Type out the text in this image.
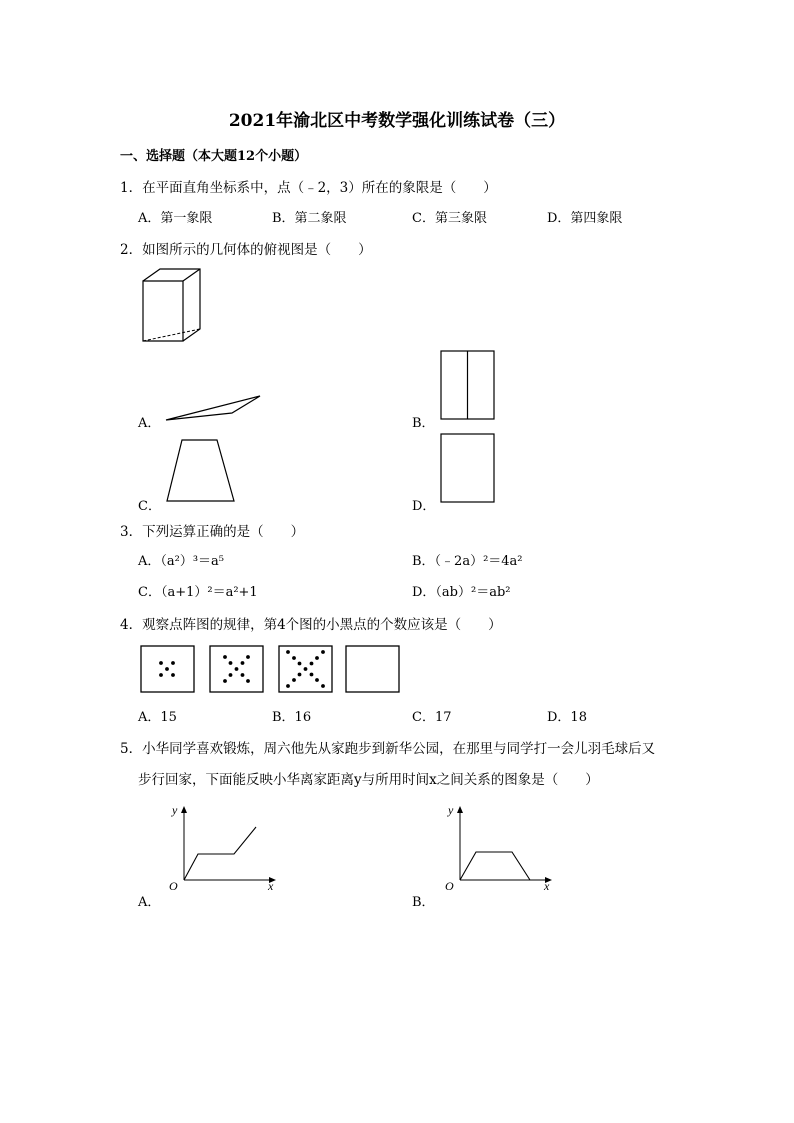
2021年渝北区中考数学强化训练试卷（三）
一、选择题（本大题12个小题）
1．在平面直角坐标系中，点（﹣2，3）所在的象限是（　　）
A．第一象限	B．第二象限	C．第三象限	D．第四象限
2．如图所示的几何体的俯视图是（　　）
A．	B．
C．	D．
3．下列运算正确的是（　　）
A．（a²）³＝a⁵	B．（﹣2a）²＝4a²
C．（a+1）²＝a²+1	D．（ab）²＝ab²
4．观察点阵图的规律，第4个图的小黑点的个数应该是（　　）
A．15	B．16	C．17	D．18
5．小华同学喜欢锻炼，周六他先从家跑步到新华公园，在那里与同学打一会儿羽毛球后又
步行回家，下面能反映小华离家距离y与所用时间x之间关系的图象是（　　）
A．
y
x
O
B．
y
x
O
